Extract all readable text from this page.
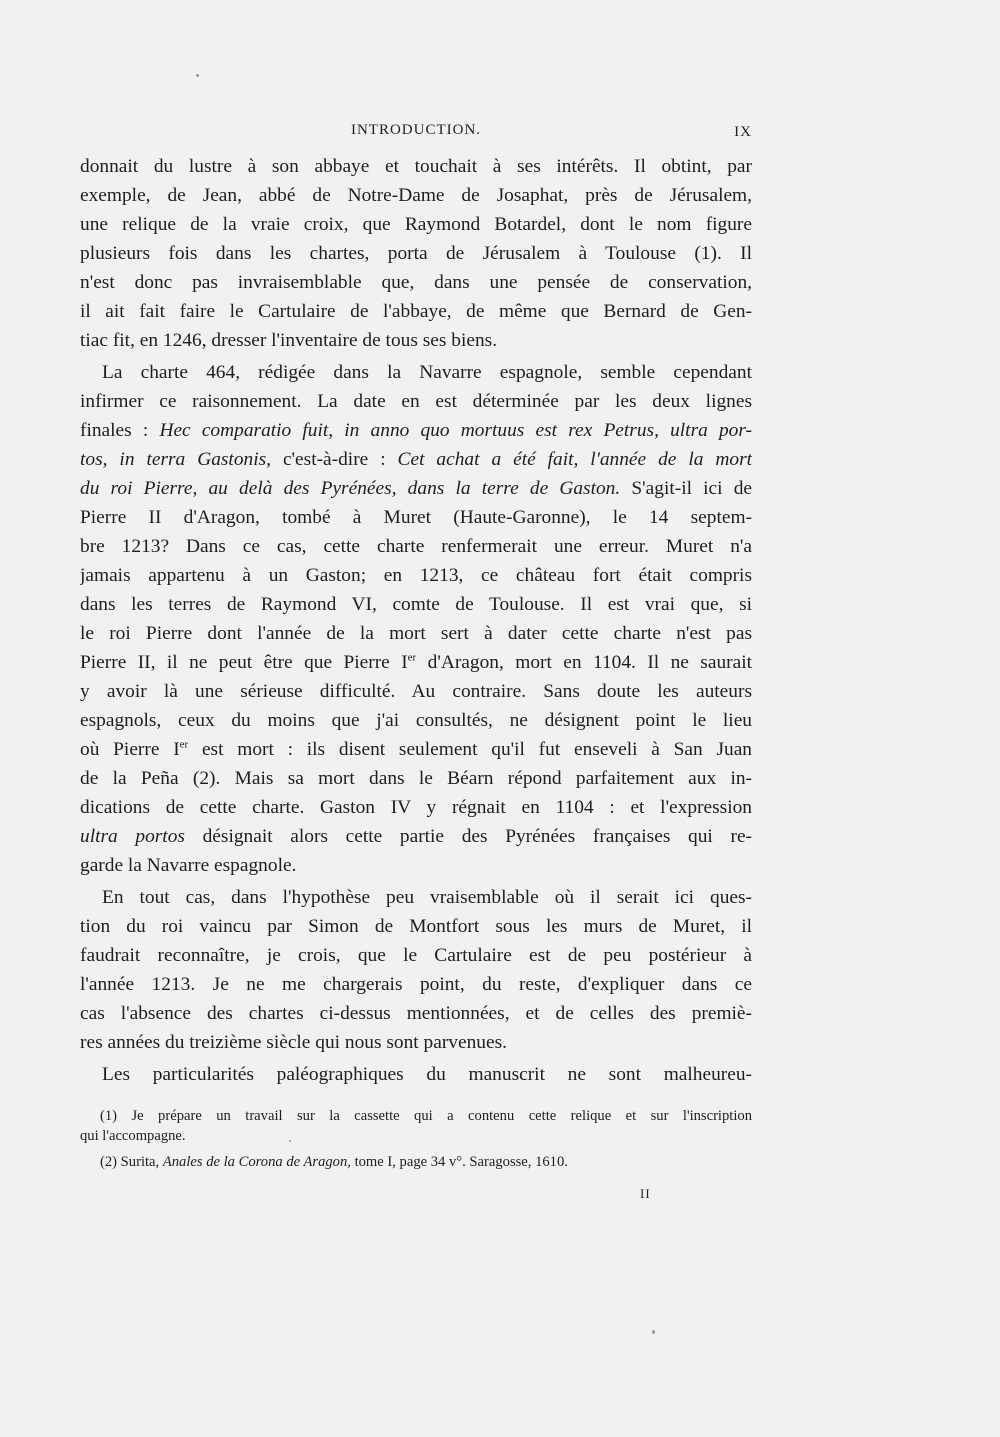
INTRODUCTION.	IX
donnait du lustre à son abbaye et touchait à ses intérêts. Il obtint, par
exemple, de Jean, abbé de Notre-Dame de Josaphat, près de Jérusalem,
une relique de la vraie croix, que Raymond Botardel, dont le nom figure
plusieurs fois dans les chartes, porta de Jérusalem à Toulouse (1). Il
n'est donc pas invraisemblable que, dans une pensée de conservation,
il ait fait faire le Cartulaire de l'abbaye, de même que Bernard de Gen-
tiac fit, en 1246, dresser l'inventaire de tous ses biens.
La charte 464, rédigée dans la Navarre espagnole, semble cependant
infirmer ce raisonnement. La date en est déterminée par les deux lignes
finales : Hec comparatio fuit, in anno quo mortuus est rex Petrus, ultra por-
tos, in terra Gastonis, c'est-à-dire : Cet achat a été fait, l'année de la mort
du roi Pierre, au delà des Pyrénées, dans la terre de Gaston. S'agit-il ici de
Pierre II d'Aragon, tombé à Muret (Haute-Garonne), le 14 septem-
bre 1213? Dans ce cas, cette charte renfermerait une erreur. Muret n'a
jamais appartenu à un Gaston; en 1213, ce château fort était compris
dans les terres de Raymond VI, comte de Toulouse. Il est vrai que, si
le roi Pierre dont l'année de la mort sert à dater cette charte n'est pas
Pierre II, il ne peut être que Pierre Ier d'Aragon, mort en 1104. Il ne saurait
y avoir là une sérieuse difficulté. Au contraire. Sans doute les auteurs
espagnols, ceux du moins que j'ai consultés, ne désignent point le lieu
où Pierre Ier est mort : ils disent seulement qu'il fut enseveli à San Juan
de la Peña (2). Mais sa mort dans le Béarn répond parfaitement aux in-
dications de cette charte. Gaston IV y régnait en 1104 : et l'expression
ultra portos désignait alors cette partie des Pyrénées françaises qui re-
garde la Navarre espagnole.
En tout cas, dans l'hypothèse peu vraisemblable où il serait ici ques-
tion du roi vaincu par Simon de Montfort sous les murs de Muret, il
faudrait reconnaître, je crois, que le Cartulaire est de peu postérieur à
l'année 1213. Je ne me chargerais point, du reste, d'expliquer dans ce
cas l'absence des chartes ci-dessus mentionnées, et de celles des premiè-
res années du treizième siècle qui nous sont parvenues.
Les particularités paléographiques du manuscrit ne sont malheureu-
(1) Je prépare un travail sur la cassette qui a contenu cette relique et sur l'inscription
qui l'accompagne.
(2) Surita, Anales de la Corona de Aragon, tome I, page 34 v°. Saragosse, 1610.
II
